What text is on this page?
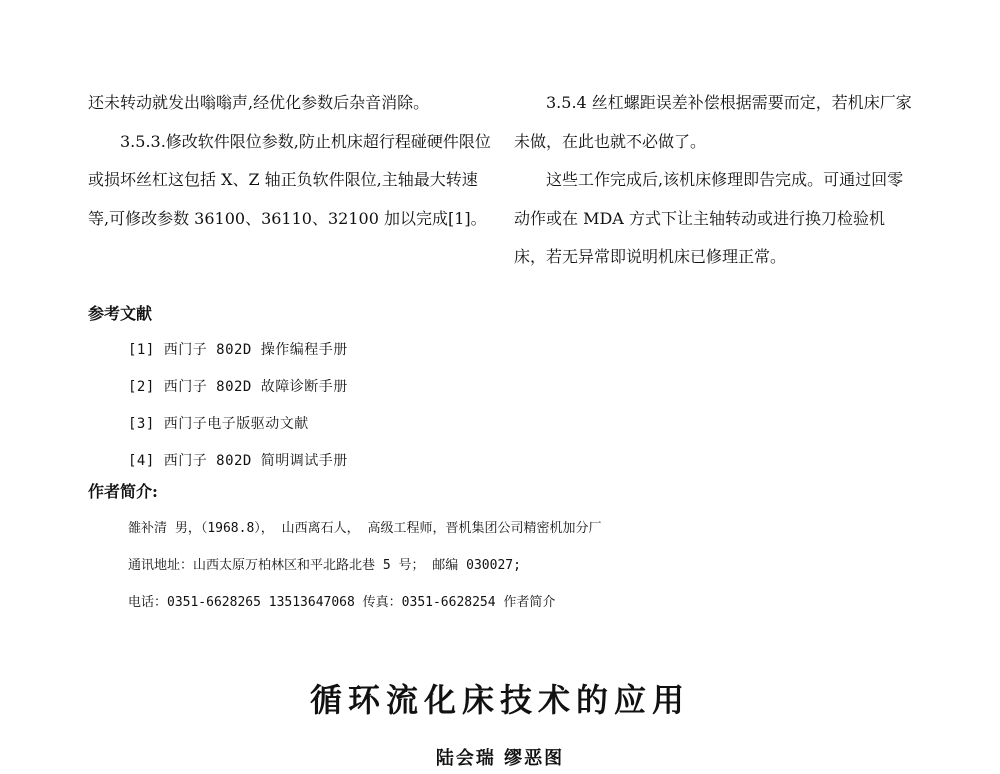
还未转动就发出嗡嗡声,经优化参数后杂音消除。

3.5.3.修改软件限位参数,防止机床超行程碰硬件限位或损坏丝杠这包括 X、Z 轴正负软件限位,主轴最大转速等,可修改参数 36100、36110、32100 加以完成[1]。

3.5.4 丝杠螺距误差补偿根据需要而定，若机床厂家未做，在此也就不必做了。

这些工作完成后,该机床修理即告完成。可通过回零动作或在 MDA 方式下让主轴转动或进行换刀检验机床，若无异常即说明机床已修理正常。

参考文献
[1] 西门子 802D 操作编程手册
[2] 西门子 802D 故障诊断手册
[3] 西门子电子版驱动文献
[4] 西门子 802D 简明调试手册
作者简介:
雒补清 男，（1968.8）， 山西离石人， 高级工程师，晋机集团公司精密机加分厂
通讯地址：山西太原万柏林区和平北路北巷 5 号； 邮编 030027;
电话：0351-6628265 13513647068 传真：0351-6628254 作者简介
循环流化床技术的应用
陆会瑞 缪恶图
